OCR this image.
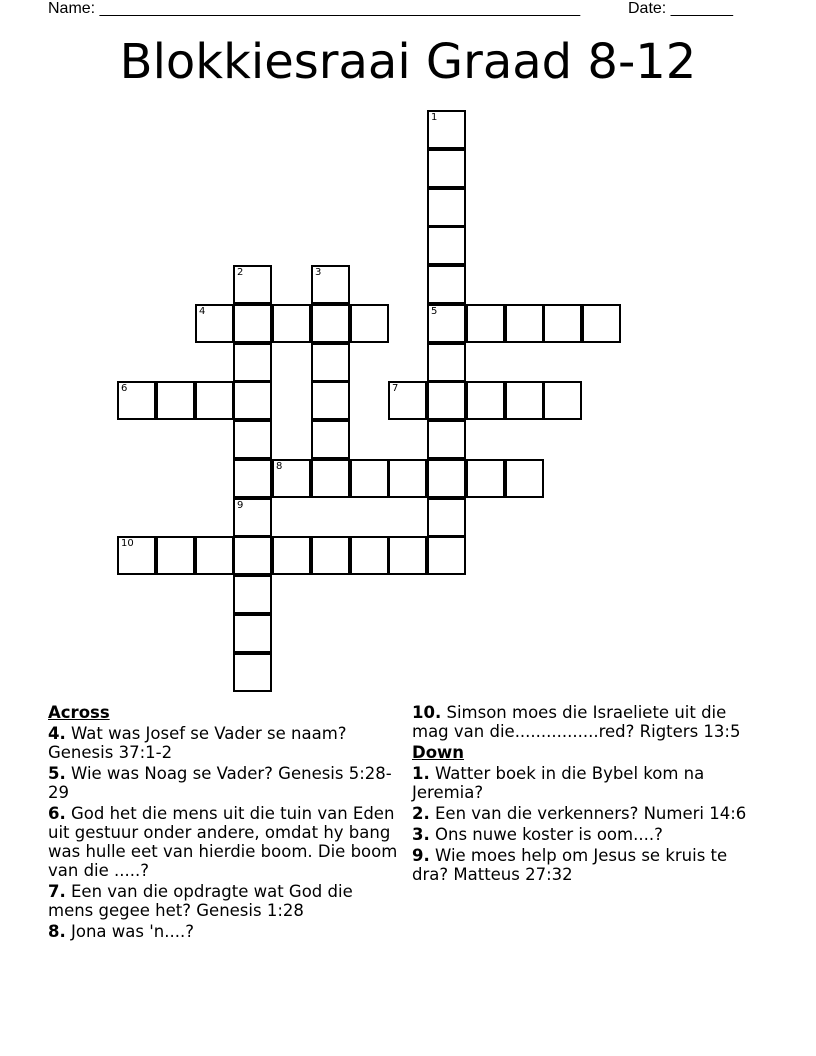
Name: ______________________________________________________	Date: _______
Blokkiesraai Graad 8-12
1
5
2
9
3
4
6	7
8
10
Across
4. Wat was Josef se Vader se naam? Genesis 37:1-2
5. Wie was Noag se Vader? Genesis 5:28-29
6. God het die mens uit die tuin van Eden uit gestuur onder andere, omdat hy bang was hulle eet van hierdie boom. Die boom van die .....?
7. Een van die opdragte wat God die mens gegee het? Genesis 1:28
8. Jona was 'n....?
10. Simson moes die Israeliete uit die mag van die................red? Rigters 13:5
Down
1. Watter boek in die Bybel kom na Jeremia?
2. Een van die verkenners? Numeri 14:6
3. Ons nuwe koster is oom....?
9. Wie moes help om Jesus se kruis te dra? Matteus 27:32
